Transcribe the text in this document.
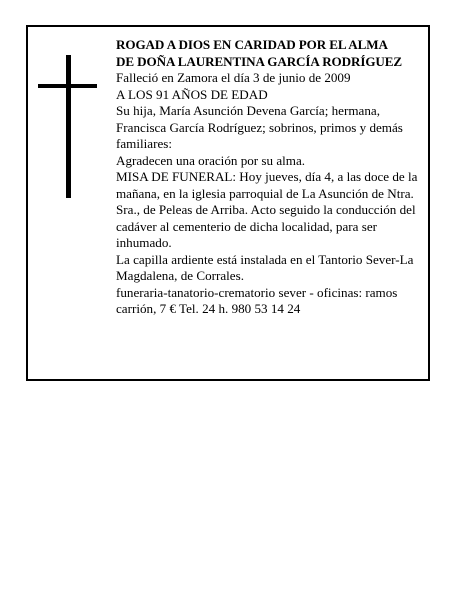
ROGAD A DIOS EN CARIDAD POR EL ALMA
DE DOÑA LAURENTINA GARCÍA RODRÍGUEZ

Falleció en Zamora el día 3 de junio de 2009

A LOS 91 AÑOS DE EDAD

Su hija, María Asunción Devena García; hermana, Francisca García Rodríguez; sobrinos, primos y demás familiares:

Agradecen una oración por su alma.

MISA DE FUNERAL: Hoy jueves, día 4, a las doce de la mañana, en la iglesia parroquial de La Asunción de Ntra. Sra., de Peleas de Arriba. Acto seguido la conducción del cadáver al cementerio de dicha localidad, para ser inhumado.

La capilla ardiente está instalada en el Tantorio Sever-La Magdalena, de Corrales.

funeraria-tanatorio-crematorio sever - oficinas: ramos carrión, 7 € Tel. 24 h. 980 53 14 24
